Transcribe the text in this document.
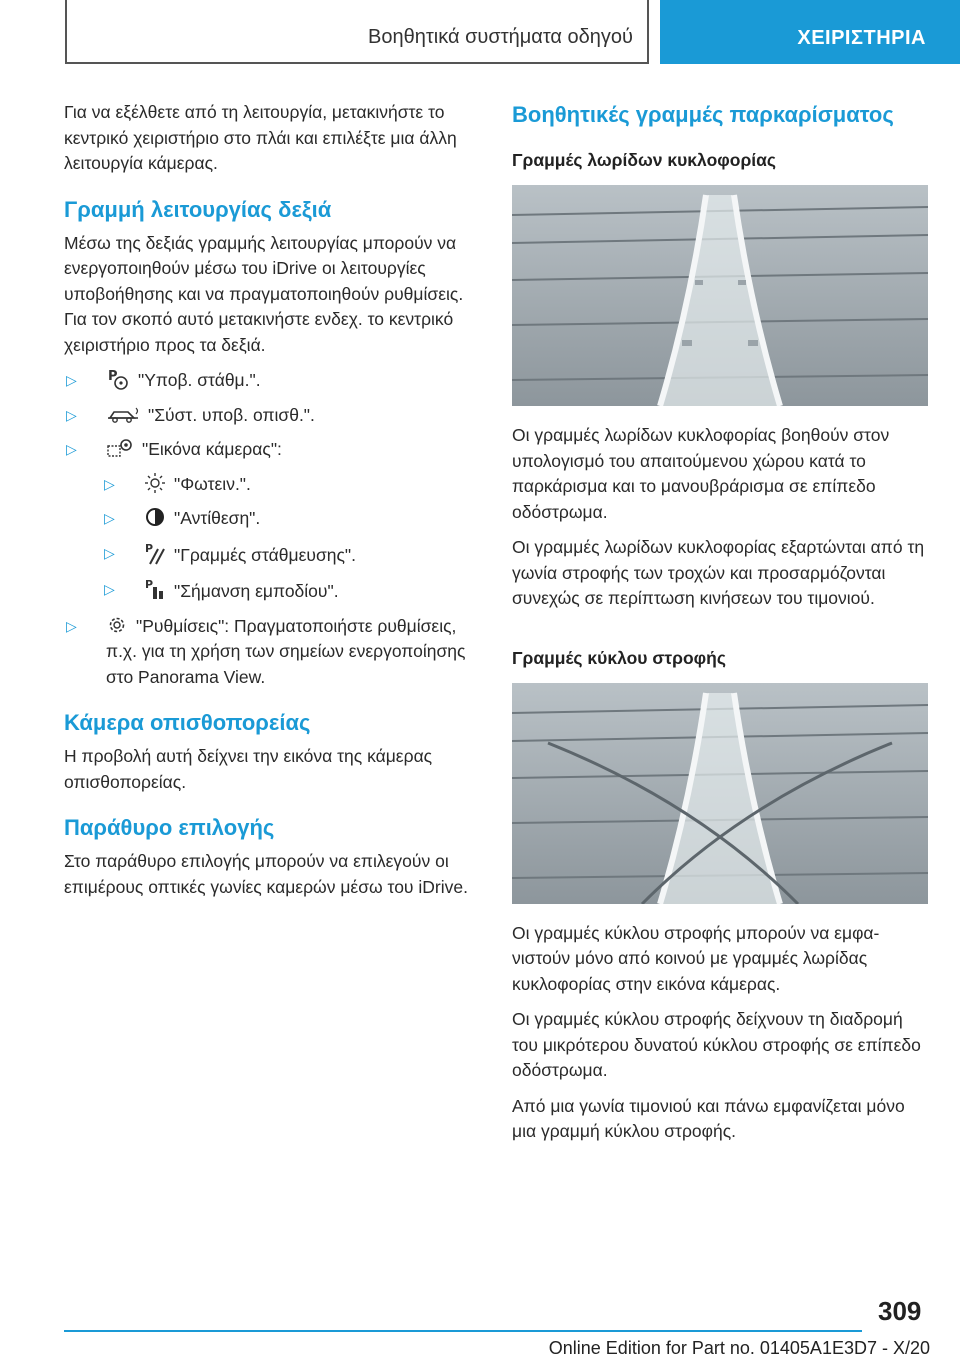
Βοηθητικά συστήματα οδηγού	ΧΕΙΡΙΣΤΗΡΙΑ

Για να εξέλθετε από τη λειτουργία, μετακινήστε το κεντρικό χειριστήριο στο πλάι και επιλέξτε μια άλλη λειτουργία κάμερας.

Γραμμή λειτουργίας δεξιά

Μέσω της δεξιάς γραμμής λειτουργίας μπορούν να ενεργοποιηθούν μέσω του iDrive οι λειτουργίες υποβοήθησης και να πραγματοποιηθούν ρυθμίσεις. Για τον σκοπό αυτό μετακινήστε ενδεχ. το κεντρικό χειριστήριο προς τα δεξιά.

▷ P "Υποβ. στάθμ.".
▷	"Σύστ. υποβ. οπισθ.".
▷	"Εικόνα κάμερας":
▷	"Φωτειν.".
▷	"Αντίθεση".
▷	P "Γραμμές στάθμευσης".
▷	P "Σήμανση εμποδίου".
▷	"Ρυθμίσεις": Πραγματοποιήστε ρυθμίσεις, π.χ. για τη χρήση των σημείων ενεργοποίησης στο Panorama View.
Κάμερα οπισθοπορείας

Η προβολή αυτή δείχνει την εικόνα της κάμερας οπισθοπορείας.

Παράθυρο επιλογής

Στο παράθυρο επιλογής μπορούν να επιλεγούν οι επιμέρους οπτικές γωνίες καμερών μέσω του iDrive.

Βοηθητικές γραμμές παρκαρίσματος
Γραμμές λωρίδων κυκλοφορίας

Οι γραμμές λωρίδων κυκλοφορίας βοηθούν στον υπολογισμό του απαιτούμενου χώρου κατά το παρκάρισμα και το μανουβράρισμα σε επίπεδο οδόστρωμα.

Οι γραμμές λωρίδων κυκλοφορίας εξαρτώνται από τη γωνία στροφής των τροχών και προσαρμόζονται συνεχώς σε περίπτωση κινήσεων του τιμονιού.

Γραμμές κύκλου στροφής

Οι γραμμές κύκλου στροφής μπορούν να εμφανιστούν μόνο από κοινού με γραμμές λωρίδας κυκλοφορίας στην εικόνα κάμερας.

Οι γραμμές κύκλου στροφής δείχνουν τη διαδρομή του μικρότερου δυνατού κύκλου στροφής σε επίπεδο οδόστρωμα.

Από μια γωνία τιμονιού και πάνω εμφανίζεται μόνο μια γραμμή κύκλου στροφής.

309
Online Edition for Part no. 01405A1E3D7 - X/20
